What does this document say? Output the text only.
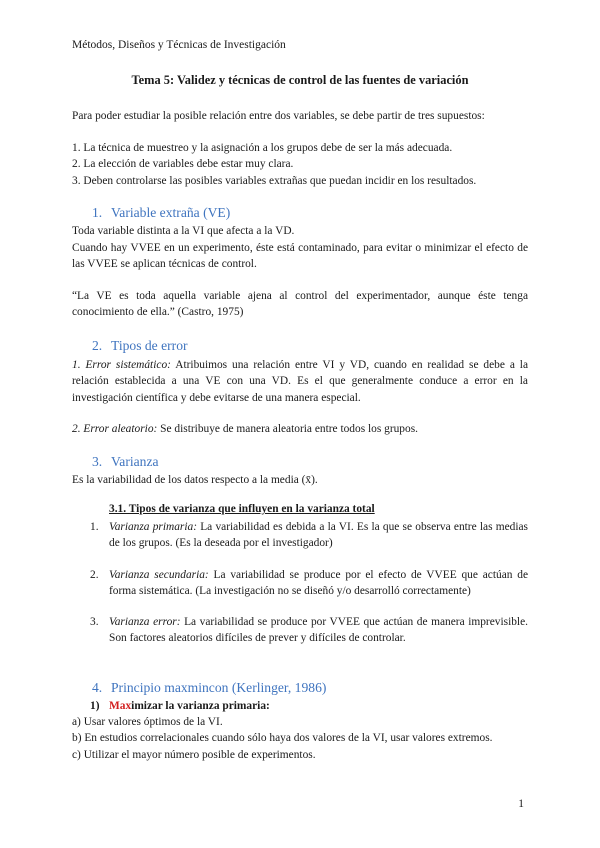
Métodos, Diseños y Técnicas de Investigación
Tema 5: Validez y técnicas de control de las fuentes de variación
Para poder estudiar la posible relación entre dos variables, se debe partir de tres supuestos:
1. La técnica de muestreo y la asignación a los grupos debe de ser la más adecuada.
2. La elección de variables debe estar muy clara.
3. Deben controlarse las posibles variables extrañas que puedan incidir en los resultados.
1. Variable extraña (VE)
Toda variable distinta a la VI que afecta a la VD.
Cuando hay VVEE en un experimento, éste está contaminado, para evitar o minimizar el efecto de las VVEE se aplican técnicas de control.
“La VE es toda aquella variable ajena al control del experimentador, aunque éste tenga conocimiento de ella.” (Castro, 1975)
2. Tipos de error
1. Error sistemático: Atribuimos una relación entre VI y VD, cuando en realidad se debe a la relación establecida a una VE con una VD. Es el que generalmente conduce a error en la investigación científica y debe evitarse de una manera especial.
2. Error aleatorio: Se distribuye de manera aleatoria entre todos los grupos.
3. Varianza
Es la variabilidad de los datos respecto a la media (x̄).
3.1. Tipos de varianza que influyen en la varianza total
1. Varianza primaria: La variabilidad es debida a la VI. Es la que se observa entre las medias de los grupos. (Es la deseada por el investigador)
2. Varianza secundaria: La variabilidad se produce por el efecto de VVEE que actúan de forma sistemática. (La investigación no se diseñó y/o desarrolló correctamente)
3. Varianza error: La variabilidad se produce por VVEE que actúan de manera imprevisible. Son factores aleatorios difíciles de prever y difíciles de controlar.
4. Principio maxmincon (Kerlinger, 1986)
1) Maximizar la varianza primaria:
a) Usar valores óptimos de la VI.
b) En estudios correlacionales cuando sólo haya dos valores de la VI, usar valores extremos.
c) Utilizar el mayor número posible de experimentos.
1
